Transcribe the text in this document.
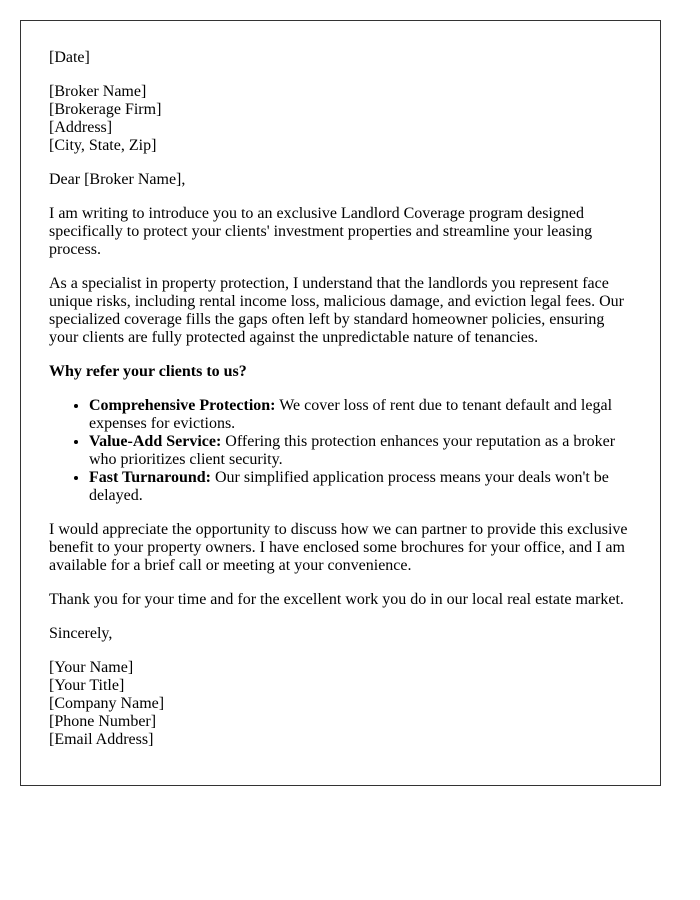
[Date]

[Broker Name]
[Brokerage Firm]
[Address]
[City, State, Zip]

Dear [Broker Name],

I am writing to introduce you to an exclusive Landlord Coverage program designed specifically to protect your clients' investment properties and streamline your leasing process.

As a specialist in property protection, I understand that the landlords you represent face unique risks, including rental income loss, malicious damage, and eviction legal fees. Our specialized coverage fills the gaps often left by standard homeowner policies, ensuring your clients are fully protected against the unpredictable nature of tenancies.

Why refer your clients to us?

• Comprehensive Protection: We cover loss of rent due to tenant default and legal expenses for evictions.
• Value-Add Service: Offering this protection enhances your reputation as a broker who prioritizes client security.
• Fast Turnaround: Our simplified application process means your deals won't be delayed.

I would appreciate the opportunity to discuss how we can partner to provide this exclusive benefit to your property owners. I have enclosed some brochures for your office, and I am available for a brief call or meeting at your convenience.

Thank you for your time and for the excellent work you do in our local real estate market.

Sincerely,

[Your Name]
[Your Title]
[Company Name]
[Phone Number]
[Email Address]
